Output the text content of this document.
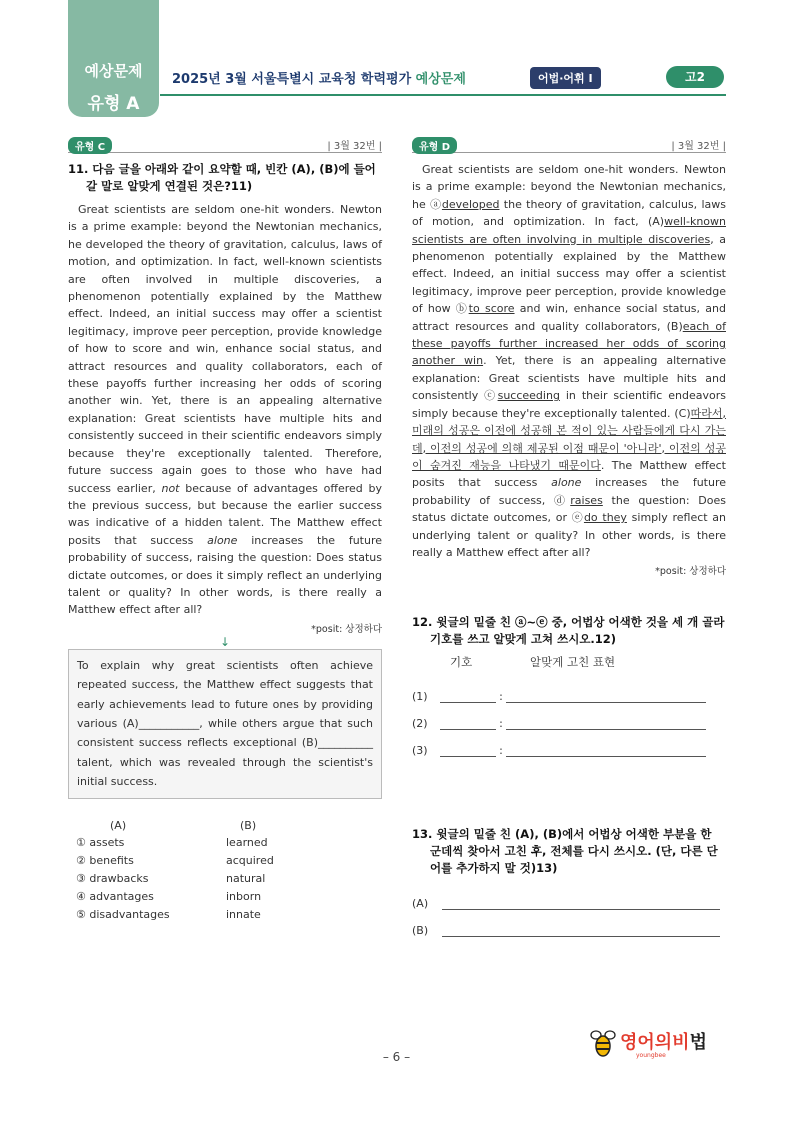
예상문제
유형 A
2025년 3월 서울특별시 교육청 학력평가 예상문제	어법·어휘 I	고2
유형 C	| 3월 32번 |
11. 다음 글을 아래와 같이 요약할 때, 빈칸 (A), (B)에 들어갈 말로 알맞게 연결된 것은?11)
Great scientists are seldom one-hit wonders. Newton is a prime example: beyond the Newtonian mechanics, he developed the theory of gravitation, calculus, laws of motion, and optimization. In fact, well-known scientists are often involved in multiple discoveries, a phenomenon potentially explained by the Matthew effect. Indeed, an initial success may offer a scientist legitimacy, improve peer perception, provide knowledge of how to score and win, enhance social status, and attract resources and quality collaborators, each of these payoffs further increasing her odds of scoring another win. Yet, there is an appealing alternative explanation: Great scientists have multiple hits and consistently succeed in their scientific endeavors simply because they're exceptionally talented. Therefore, future success again goes to those who have had success earlier, not because of advantages offered by the previous success, but because the earlier success was indicative of a hidden talent. The Matthew effect posits that success alone increases the future probability of success, raising the question: Does status dictate outcomes, or does it simply reflect an underlying talent or quality? In other words, is there really a Matthew effect after all?
*posit: 상정하다
↓
To explain why great scientists often achieve repeated success, the Matthew effect suggests that early achievements lead to future ones by providing various (A)___________, while others argue that such consistent success reflects exceptional (B)__________ talent, which was revealed through the scientist's initial success.
(A)	(B)
① assets	learned
② benefits	acquired
③ drawbacks	natural
④ advantages	inborn
⑤ disadvantages	innate
유형 D	| 3월 32번 |
Great scientists are seldom one-hit wonders. Newton is a prime example: beyond the Newtonian mechanics, he ⓐdeveloped the theory of gravitation, calculus, laws of motion, and optimization. In fact, (A)well-known scientists are often involving in multiple discoveries, a phenomenon potentially explained by the Matthew effect. Indeed, an initial success may offer a scientist legitimacy, improve peer perception, provide knowledge of how ⓑto score and win, enhance social status, and attract resources and quality collaborators, (B)each of these payoffs further increased her odds of scoring another win. Yet, there is an appealing alternative explanation: Great scientists have multiple hits and consistently ⓒsucceeding in their scientific endeavors simply because they're exceptionally talented. (C)따라서, 미래의 성공은 이전에 성공해 본 적이 있는 사람들에게 다시 가는데, 이전의 성공에 의해 제공된 이점 때문이 '아니라', 이전의 성공이 숨겨진 재능을 나타냈기 때문이다. The Matthew effect posits that success alone increases the future probability of success, ⓓraises the question: Does status dictate outcomes, or ⓔdo they simply reflect an underlying talent or quality? In other words, is there really a Matthew effect after all?
*posit: 상정하다
12. 윗글의 밑줄 친 ⓐ~ⓔ 중, 어법상 어색한 것을 세 개 골라 기호를 쓰고 알맞게 고쳐 쓰시오.12)
기호	알맞게 고친 표현
(1)	:
(2)	:
(3)	:
13. 윗글의 밑줄 친 (A), (B)에서 어법상 어색한 부분을 한 군데씩 찾아서 고친 후, 전체를 다시 쓰시오. (단, 다른 단어를 추가하지 말 것)13)
(A)
(B)
– 6 –
영어의비법
youngbee
